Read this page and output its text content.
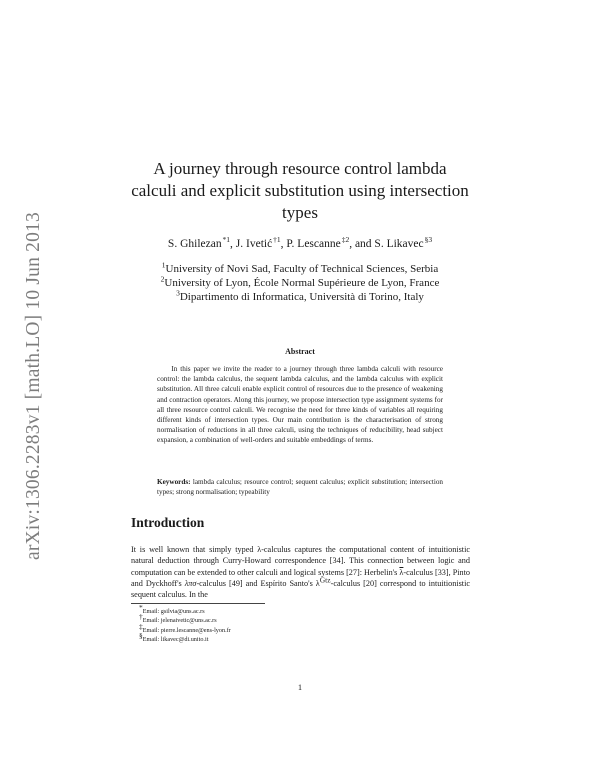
arXiv:1306.2283v1 [math.LO] 10 Jun 2013
A journey through resource control lambda
calculi and explicit substitution using intersection
types
S. Ghilezan $^{*1}$, J. Ivetić $^{\dagger 1}$, P. Lescanne $^{\ddagger 2}$, and S. Likavec $^{\S 3}$
$^1$University of Novi Sad, Faculty of Technical Sciences, Serbia
$^2$University of Lyon, École Normal Supérieure de Lyon, France
$^3$Dipartimento di Informatica, Università di Torino, Italy
Abstract
  In this paper we invite the reader to a journey through three lambda calculi with resource control: the lambda calculus, the sequent lambda calculus, and the lambda calculus with explicit substitution. All three calculi enable explicit control of resources due to the presence of weakening and contraction operators. Along this journey, we propose intersection type assignment systems for all three resource control calculi. We recognise the need for three kinds of variables all requiring different kinds of intersection types. Our main contribution is the characterisation of strong normalisation of reductions in all three calculi, using the techniques of reducibility, head subject expansion, a combination of well-orders and suitable embeddings of terms.
Keywords: lambda calculus; resource control; sequent calculus; explicit substitution; intersection types; strong normalisation; typeability
Introduction
It is well known that simply typed λ-calculus captures the computational content of intuitionistic natural deduction through Curry-Howard correspondence [34]. This connection between logic and computation can be extended to other calculi and logical systems [27]: Herbelin's $\overline{\lambda}$-calculus [33], Pinto and Dyckhoff's λπσ-calculus [49] and Espírito Santo's $\lambda^{Gtz}$-calculus [20] correspond to intuitionistic sequent calculus. In the
*Email: gsilvia@uns.ac.rs
†Email: jelenaivetic@uns.ac.rs
‡Email: pierre.lescanne@ens-lyon.fr
§Email: likavec@di.unito.it
1
